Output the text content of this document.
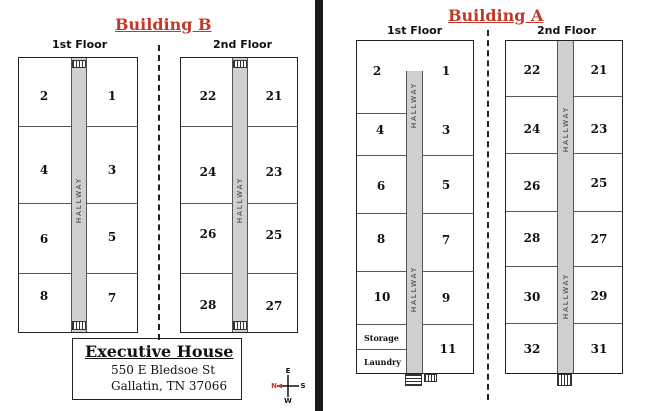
Building B
1st Floor	2nd Floor
HALLWAY
2	1
4	3
6	5
8	7
HALLWAY
22	21
24	23
26	25
28	27
Executive House
550 E Bledsoe St
Gallatin, TN 37066	N	S
E
W
Building A
1st Floor	2nd Floor
HALLWAY
HALLWAY
2	1
4	3
6	5
8	7
10	9
11
Storage
Laundry
HALLWAY
HALLWAY
22	21
24	23
26	25
28	27
30	29
32	31
